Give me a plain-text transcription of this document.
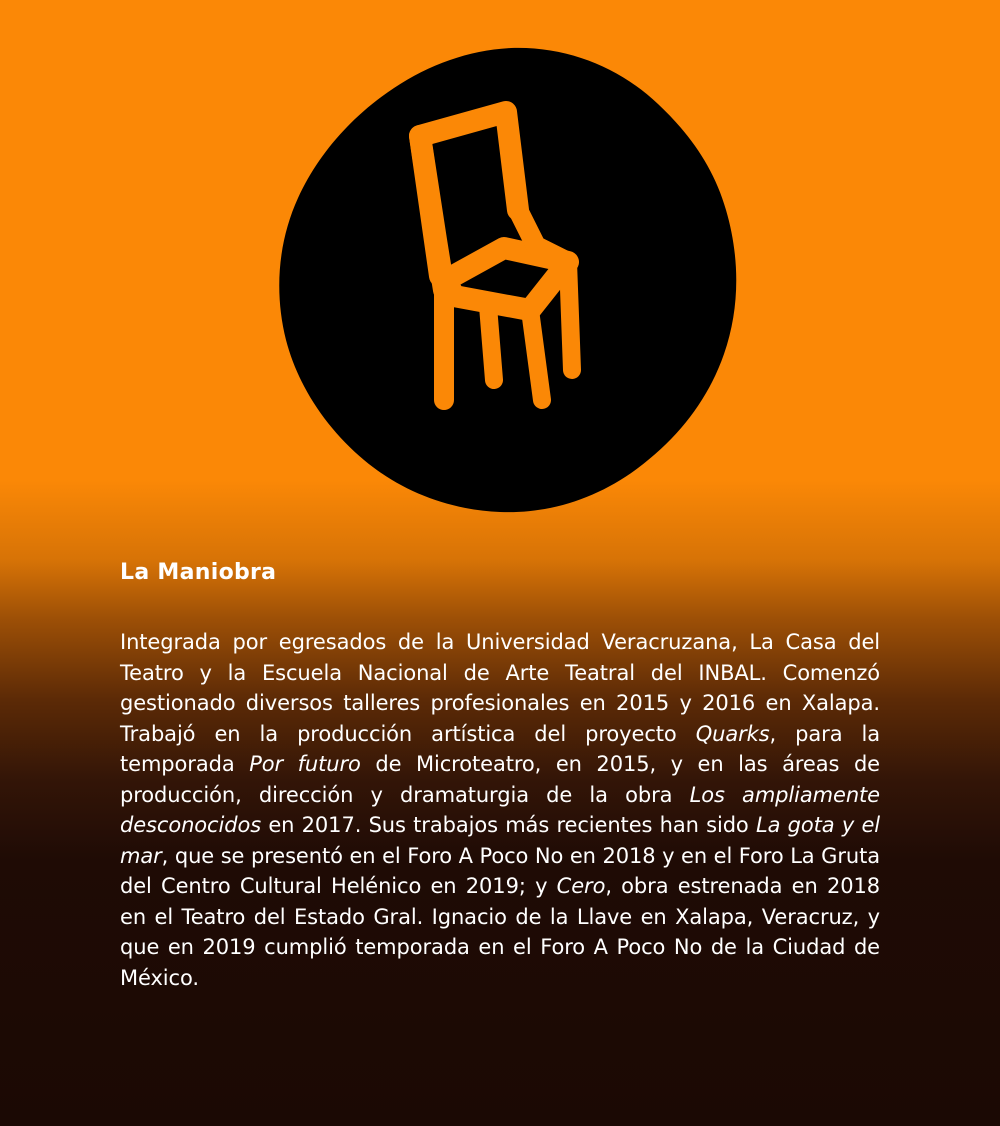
La Maniobra

Integrada por egresados de la Universidad Veracruzana, La Casa del Teatro y la Escuela Nacional de Arte Teatral del INBAL. Comenzó gestionado diversos talleres profesionales en 2015 y 2016 en Xalapa. Trabajó en la producción artística del proyecto Quarks, para la temporada Por futuro de Microteatro, en 2015, y en las áreas de producción, dirección y dramaturgia de la obra Los ampliamente desconocidos en 2017. Sus trabajos más recientes han sido La gota y el mar, que se presentó en el Foro A Poco No en 2018 y en el Foro La Gruta del Centro Cultural Helénico en 2019; y Cero, obra estrenada en 2018 en el Teatro del Estado Gral. Ignacio de la Llave en Xalapa, Veracruz, y que en 2019 cumplió temporada en el Foro A Poco No de la Ciudad de México.
